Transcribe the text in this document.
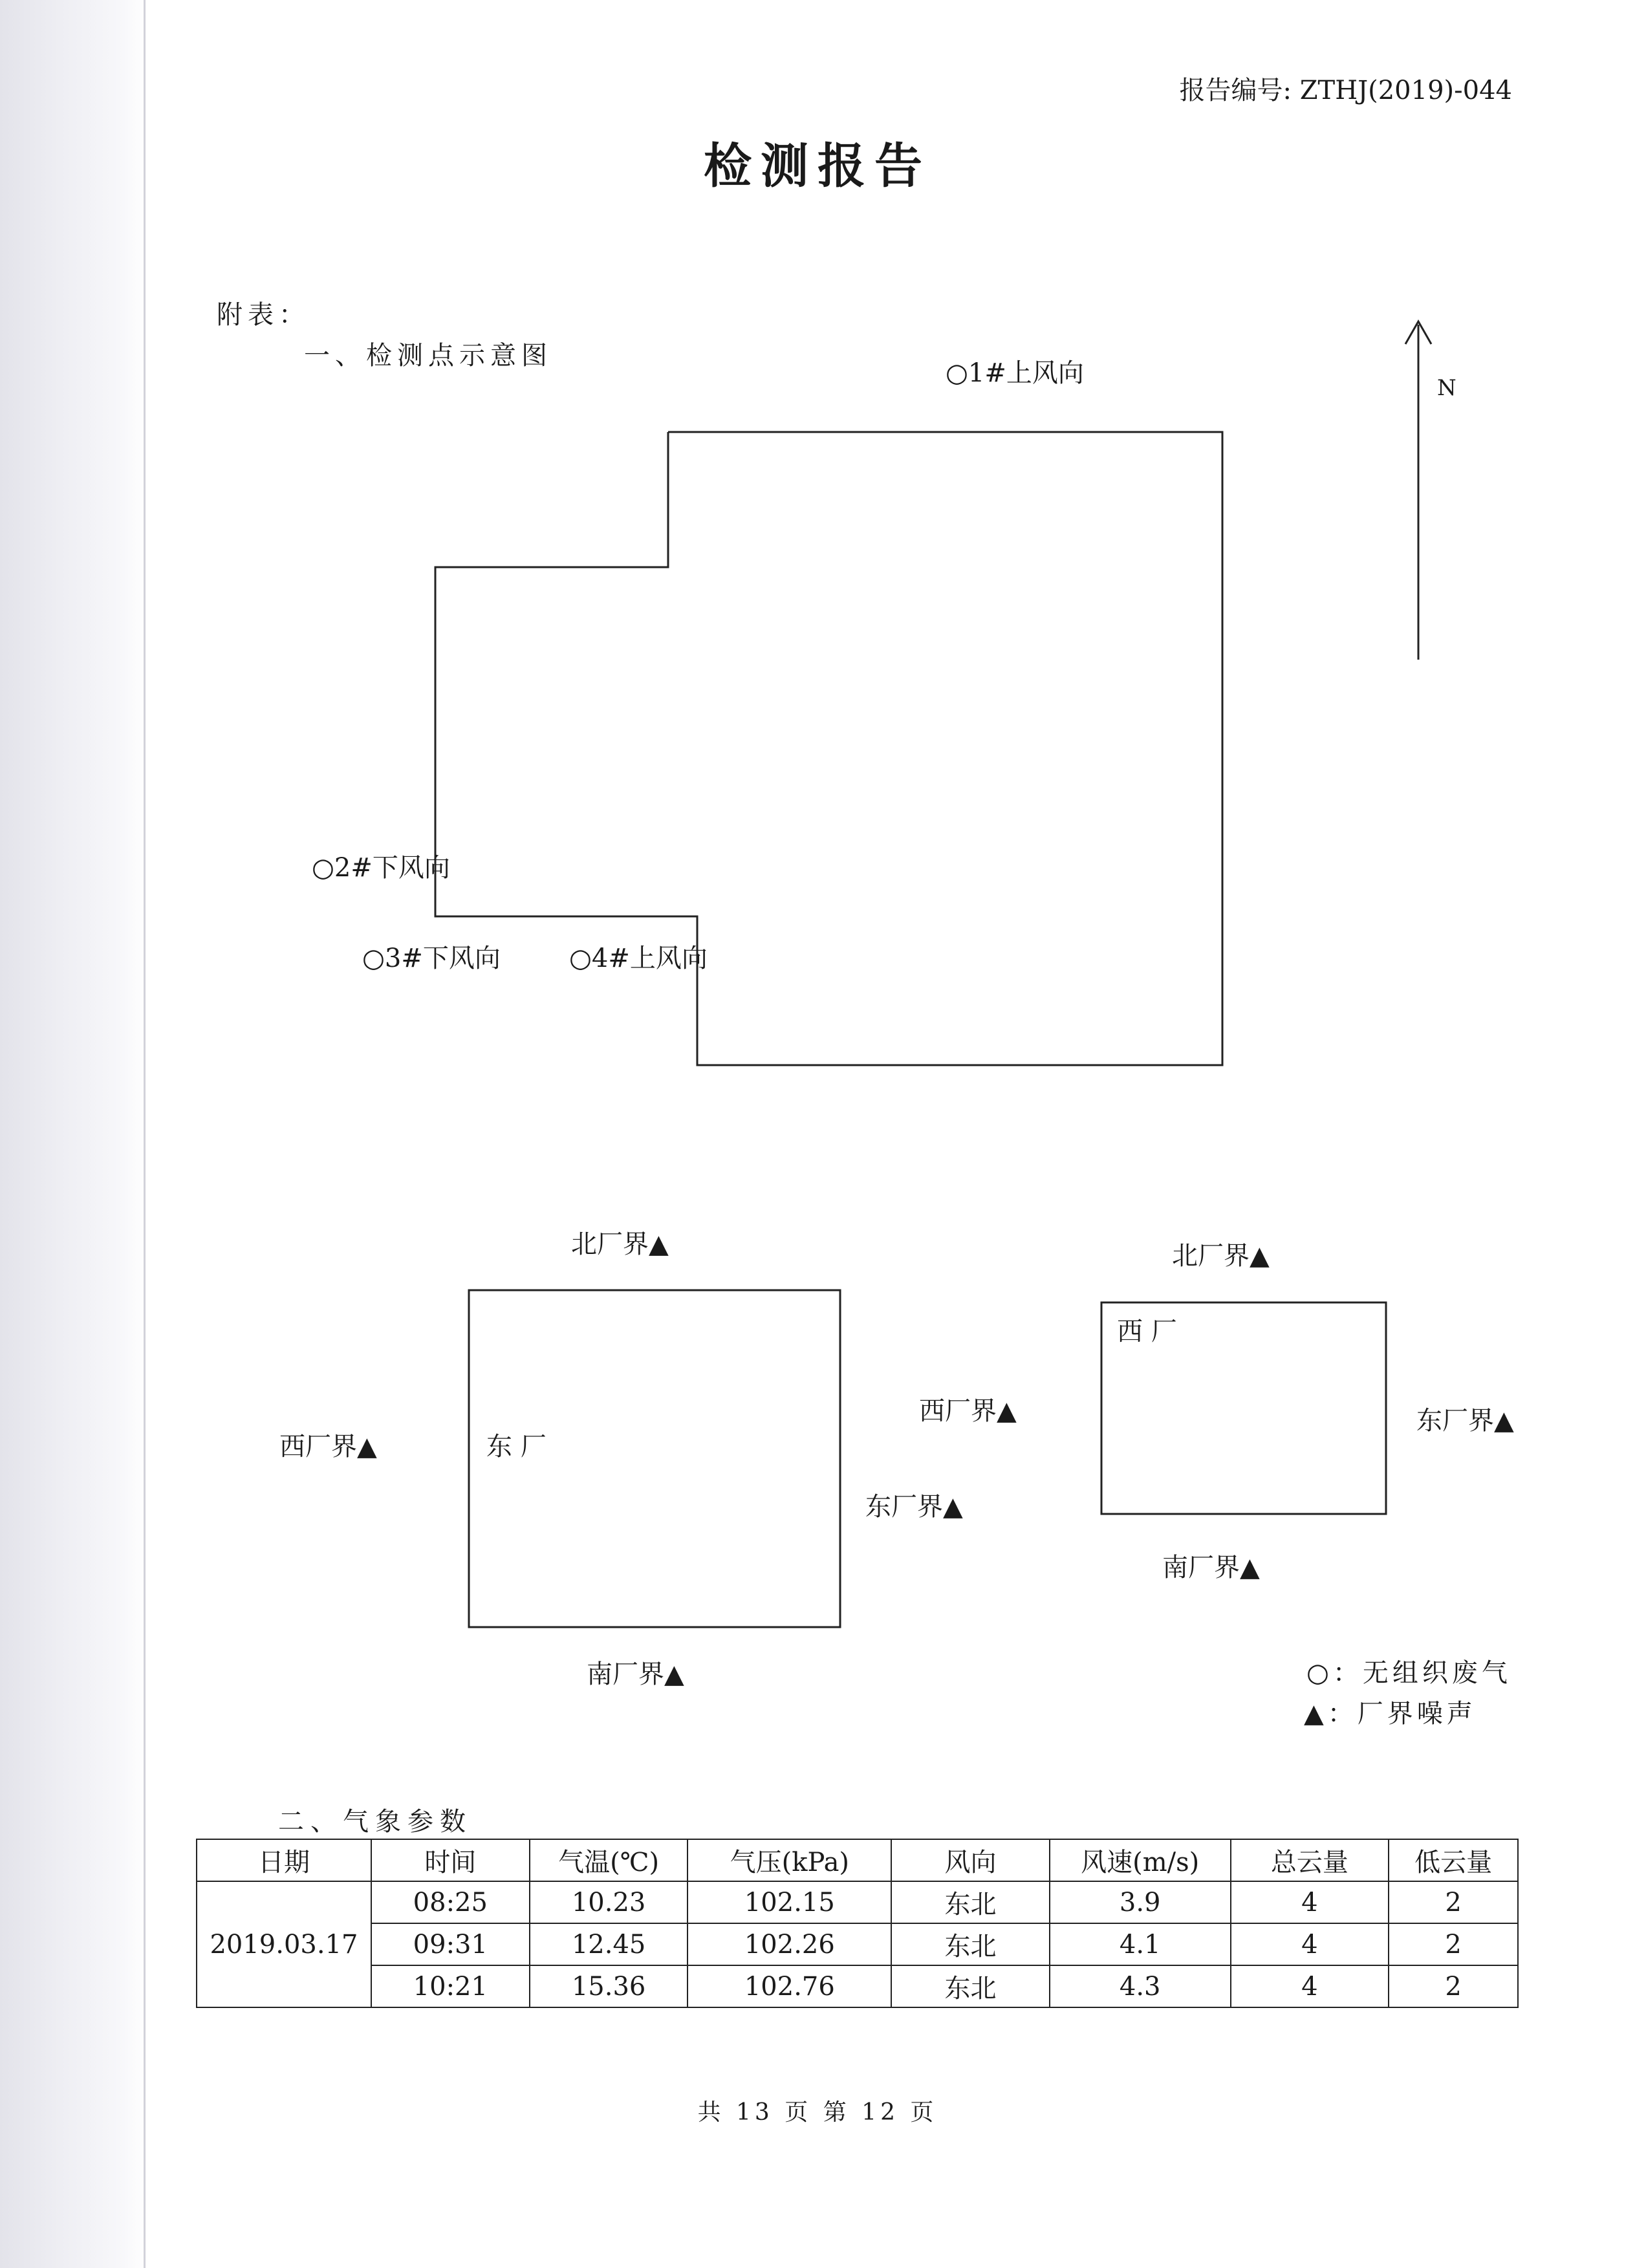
报告编号: ZTHJ(2019)-044
检测报告
附表：
一、检测点示意图
N
○1#上风向
○2#下风向
○3#下风向	○4#上风向
北厂界▲
西厂界▲	东 厂
东厂界▲
南厂界▲
北厂界▲
西 厂
西厂界▲	东厂界▲
南厂界▲
○：无组织废气
▲：厂界噪声
二、气象参数
日期	时间	气温(℃)	气压(kPa)	风向	风速(m/s)	总云量	低云量
2019.03.17	08:25	10.23	102.15	东北	3.9	4	2
	09:31	12.45	102.26	东北	4.1	4	2
	10:21	15.36	102.76	东北	4.3	4	2
共 13 页 第 12 页
